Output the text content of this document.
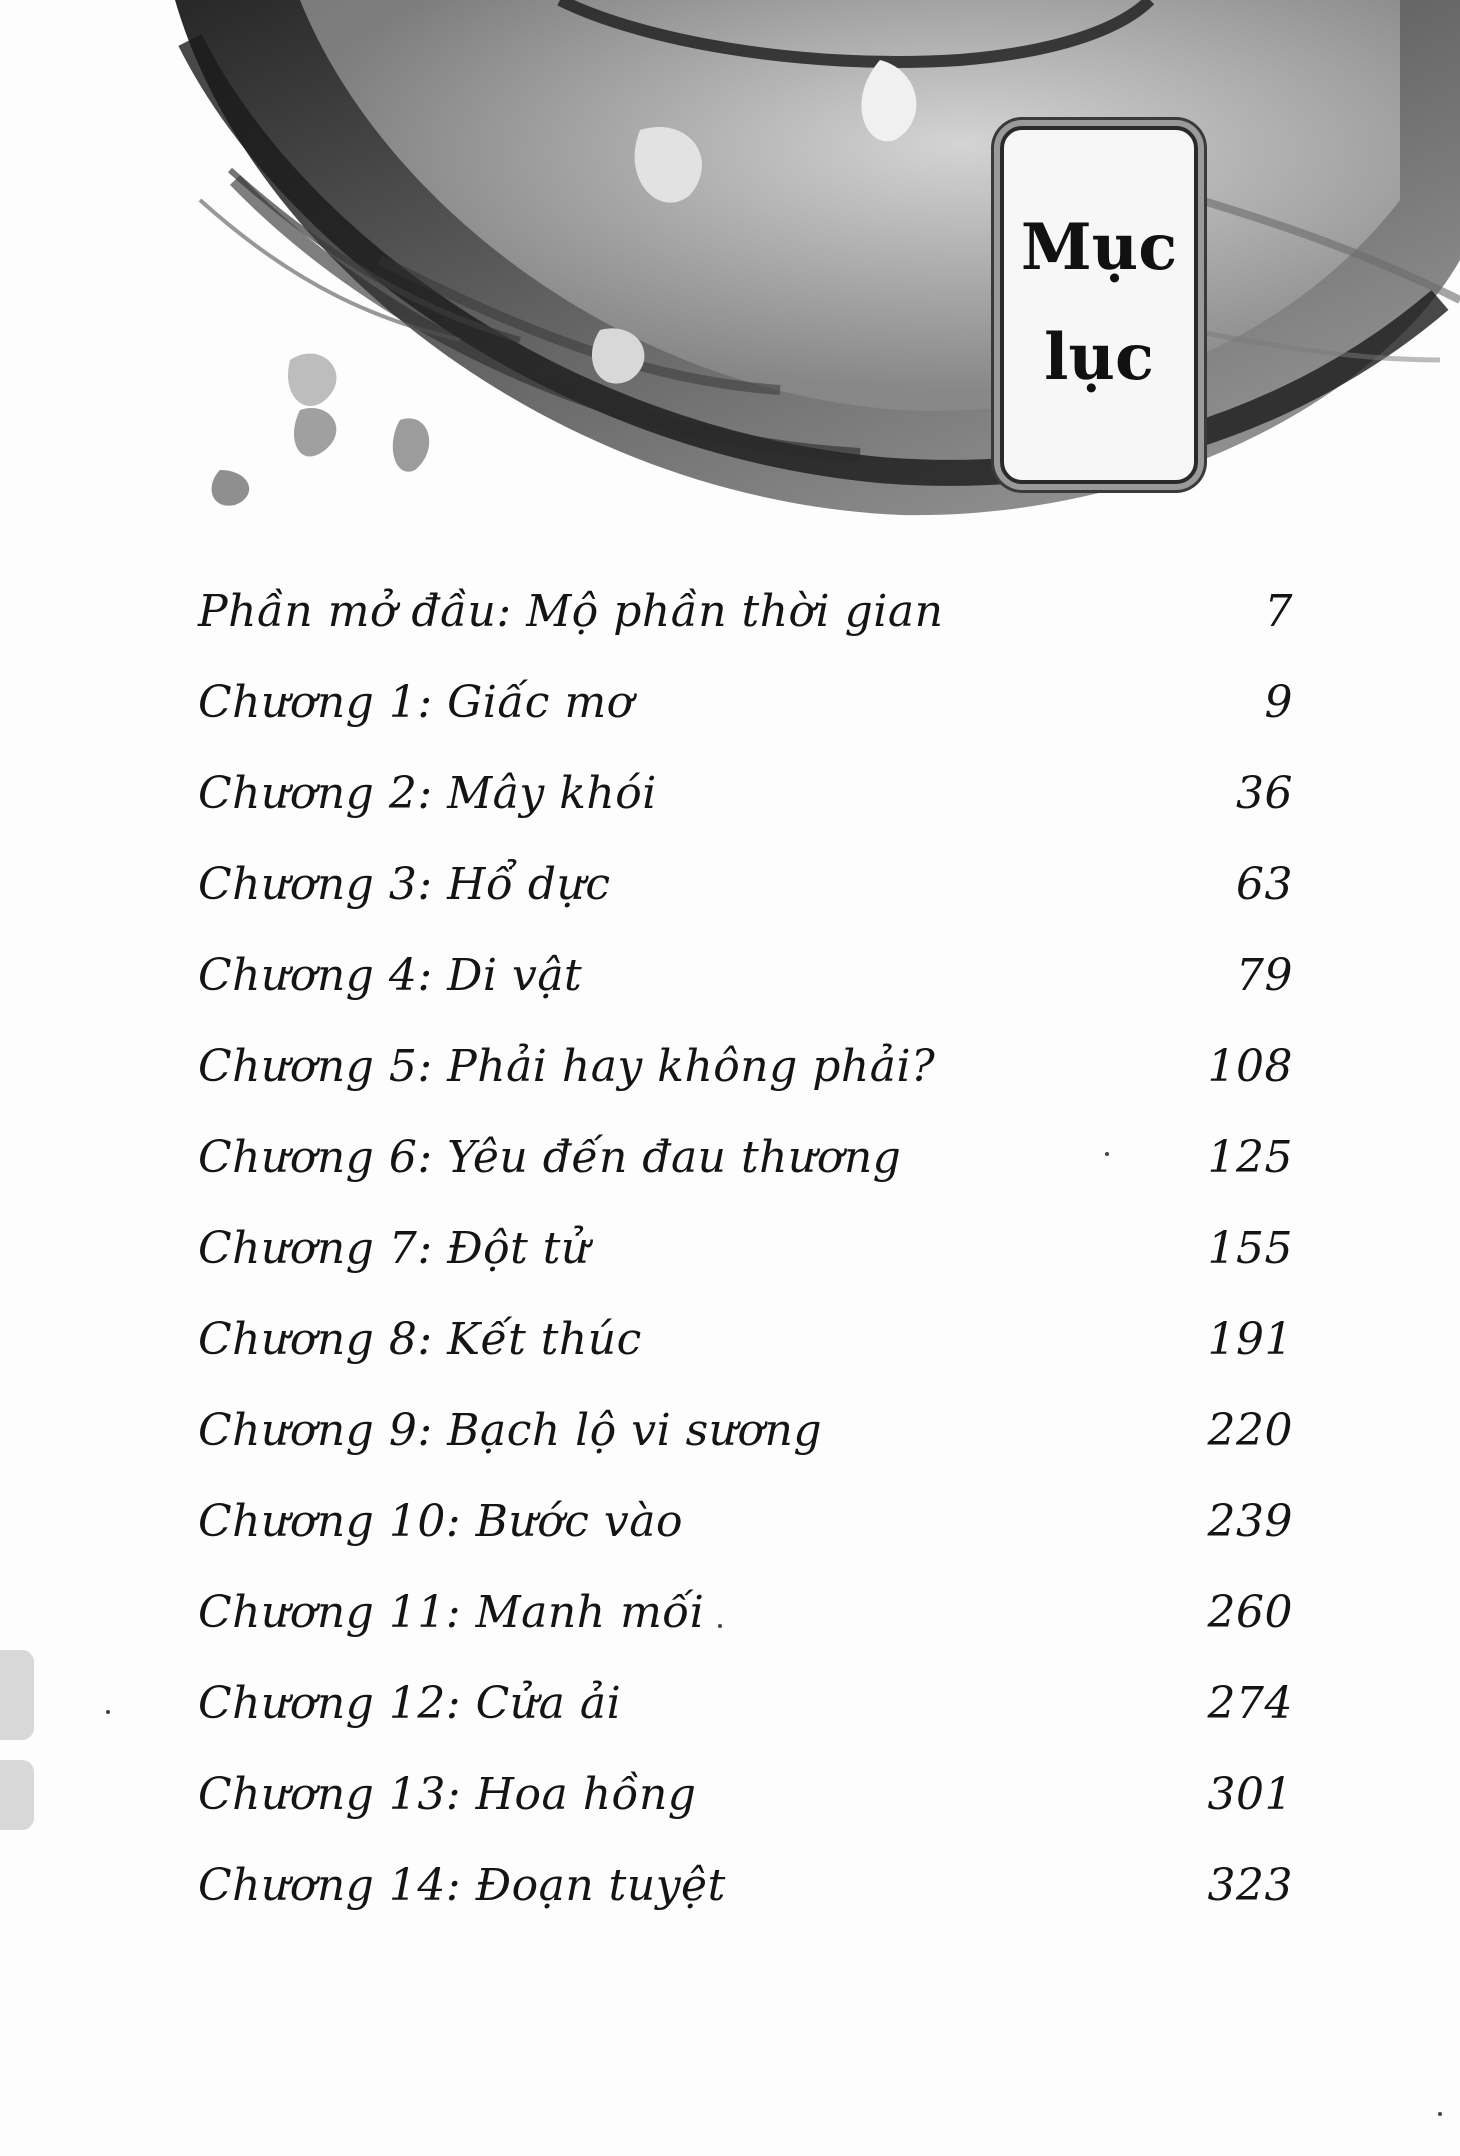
Mục
lục
Phần mở đầu: Mộ phần thời gian	7
Chương 1: Giấc mơ	9
Chương 2: Mây khói	36
Chương 3: Hổ dực	63
Chương 4: Di vật	79
Chương 5: Phải hay không phải?	108
Chương 6: Yêu đến đau thương	125
Chương 7: Đột tử	155
Chương 8: Kết thúc	191
Chương 9: Bạch lộ vi sương	220
Chương 10: Bước vào	239
Chương 11: Manh mối	260
Chương 12: Cửa ải	274
Chương 13: Hoa hồng	301
Chương 14: Đoạn tuyệt	323
